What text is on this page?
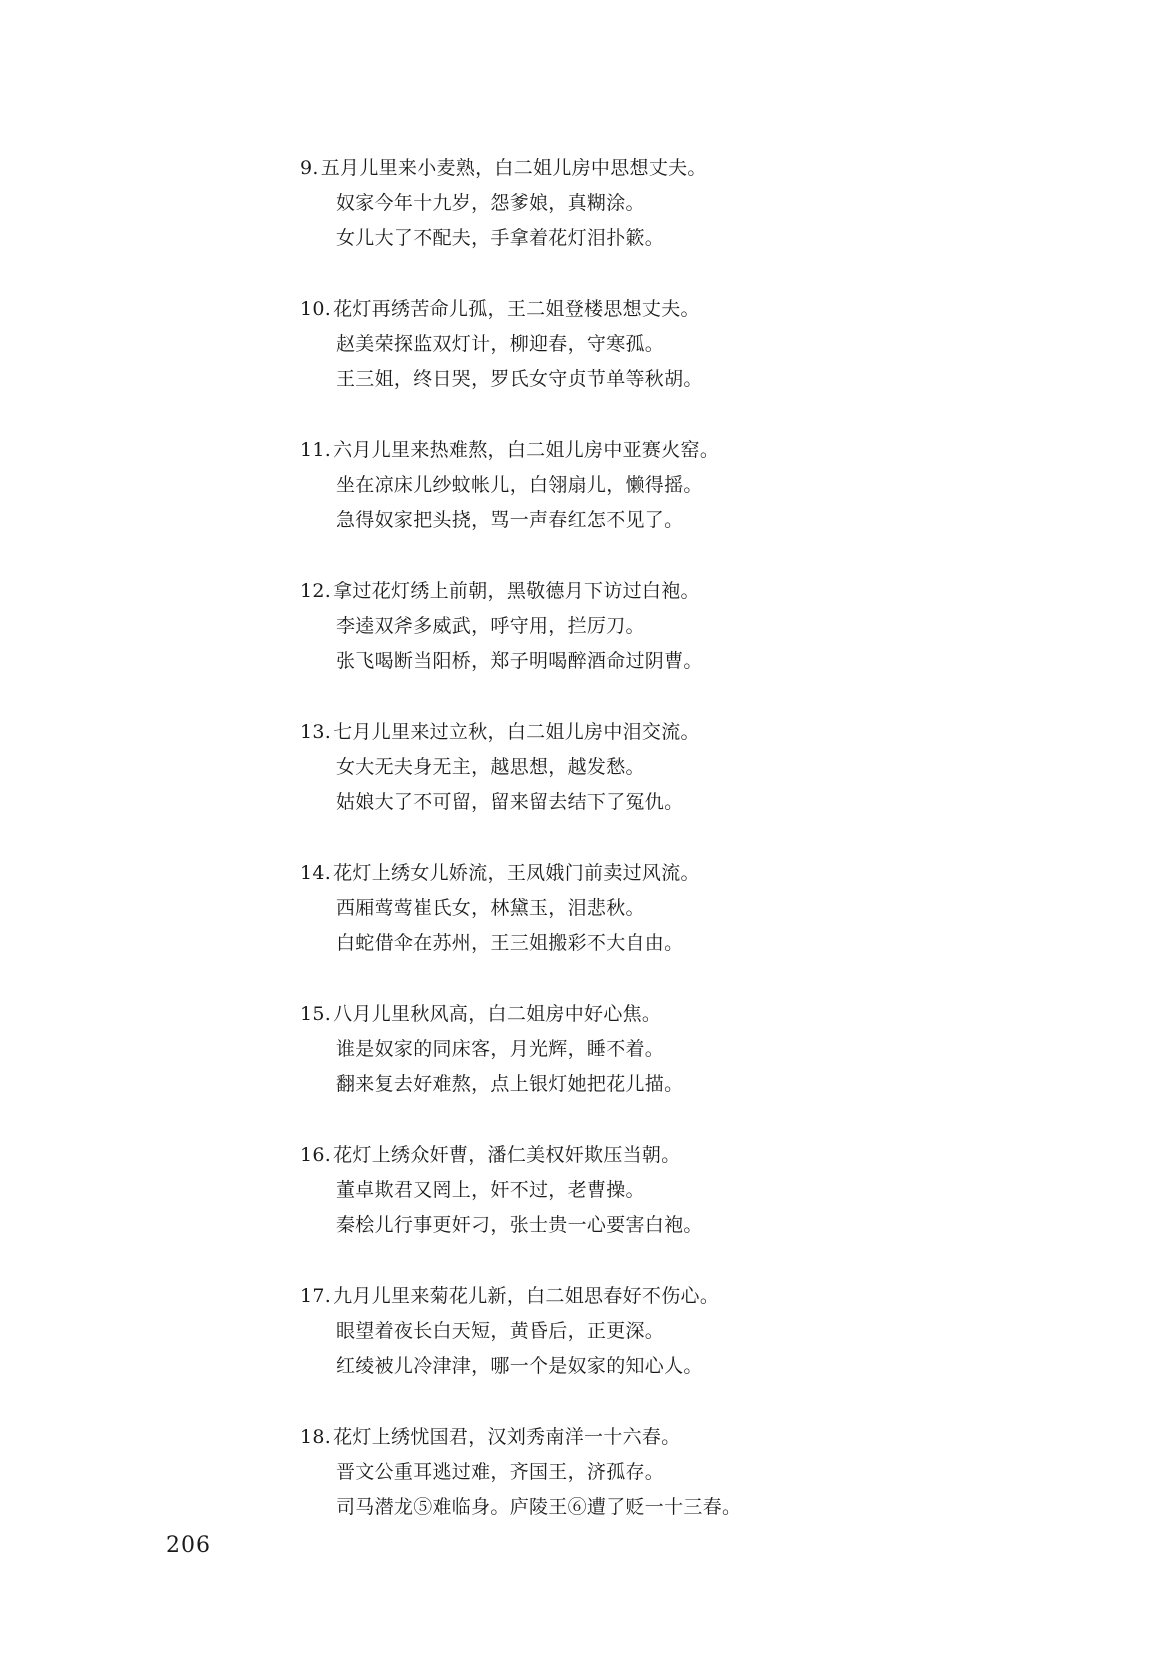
9. 五月儿里来小麦熟，白二姐儿房中思想丈夫。
奴家今年十九岁，怨爹娘，真糊涂。
女儿大了不配夫，手拿着花灯泪扑簌。
10. 花灯再绣苦命儿孤，王二姐登楼思想丈夫。
赵美荣探监双灯计，柳迎春，守寒孤。
王三姐，终日哭，罗氏女守贞节单等秋胡。
11. 六月儿里来热难熬，白二姐儿房中亚赛火窑。
坐在凉床儿纱蚊帐儿，白翎扇儿，懒得摇。
急得奴家把头挠，骂一声春红怎不见了。
12. 拿过花灯绣上前朝，黑敬德月下访过白袍。
李逵双斧多威武，呼守用，拦厉刀。
张飞喝断当阳桥，郑子明喝醉酒命过阴曹。
13. 七月儿里来过立秋，白二姐儿房中泪交流。
女大无夫身无主，越思想，越发愁。
姑娘大了不可留，留来留去结下了冤仇。
14. 花灯上绣女儿娇流，王凤娥门前卖过风流。
西厢莺莺崔氏女，林黛玉，泪悲秋。
白蛇借伞在苏州，王三姐搬彩不大自由。
15. 八月儿里秋风高，白二姐房中好心焦。
谁是奴家的同床客，月光辉，睡不着。
翻来复去好难熬，点上银灯她把花儿描。
16. 花灯上绣众奸曹，潘仁美权奸欺压当朝。
董卓欺君又罔上，奸不过，老曹操。
秦桧儿行事更奸刁，张士贵一心要害白袍。
17. 九月儿里来菊花儿新，白二姐思春好不伤心。
眼望着夜长白天短，黄昏后，正更深。
红绫被儿冷津津，哪一个是奴家的知心人。
18. 花灯上绣忧国君，汉刘秀南洋一十六春。
晋文公重耳逃过难，齐国王，济孤存。
司马潜龙⑤难临身。庐陵王⑥遭了贬一十三春。
206
